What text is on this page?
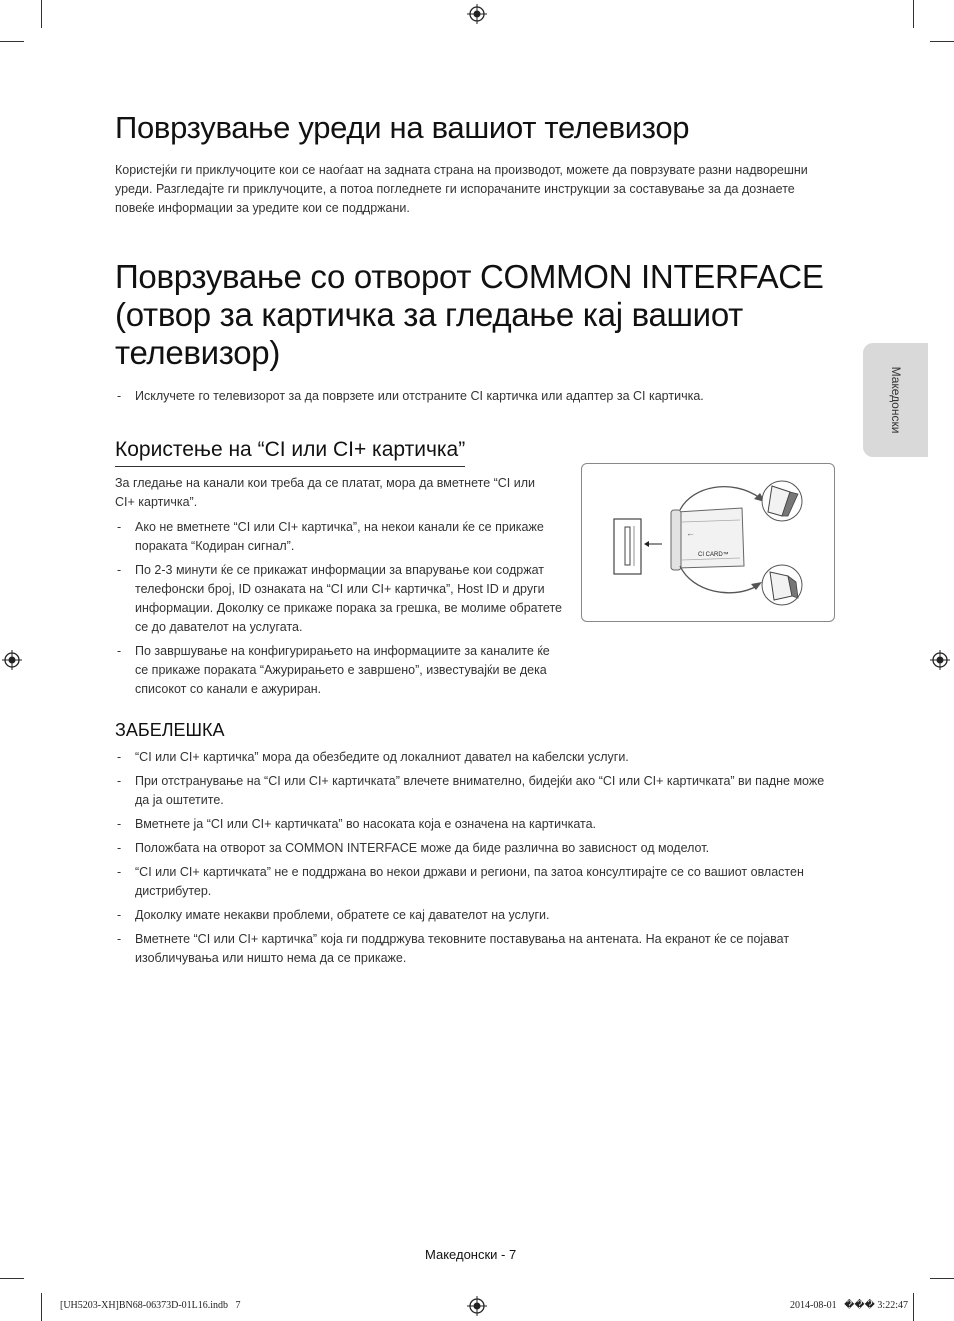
Поврзување уреди на вашиот телевизор

Користејќи ги приклучоците кои се наоѓаат на задната страна на производот, можете да поврзувате разни надворешни уреди. Разгледајте ги приклучоците, а потоа погледнете ги испорачаните инструкции за составување за да дознаете повеќе информации за уредите кои се поддржани.

Поврзување со отворот COMMON INTERFACE
(отвор за картичка за гледање кај вашиот
телевизор)
- Исклучете го телевизорот за да поврзете или отстраните CI картичка или адаптер за CI картичка.
Користење на “CI или CI+ картичка”

За гледање на канали кои треба да се платат, мора да вметнете “CI или CI+ картичка”.

- Ако не вметнете “CI или CI+ картичка”, на некои канали ќе се прикаже пораката “Кодиран сигнал”.
- По 2-3 минути ќе се прикажат информации за впарување кои содржат телефонски број, ID ознаката на “CI или CI+ картичка”, Host ID и други информации. Доколку се прикаже порака за грешка, ве молиме обратете се до давателот на услугата.
- По завршување на конфигурирањето на информациите за каналите ќе се прикаже пораката “Ажурирањето е завршено”, известувајќи ве дека списокот со канали е ажуриран.
←
CI CARD™
ЗАБЕЛЕШКА
- “CI или CI+ картичка” мора да обезбедите од локалниот давател на кабелски услуги.
- При отстранување на “CI или CI+ картичката” влечете внимателно, бидејќи ако “CI или CI+ картичката” ви падне може да ја оштетите.
- Вметнете ја “CI или CI+ картичката” во насоката која е означена на картичката.
- Положбата на отворот за COMMON INTERFACE може да биде различна во зависност од моделот.
- “CI или CI+ картичката” не е поддржана во некои држави и региони, па затоа консултирајте се со вашиот овластен дистрибутер.
- Доколку имате некакви проблеми, обратете се кај давателот на услуги.
- Вметнете “CI или CI+ картичка” која ги поддржува тековните поставувања на антената. На екранот ќе се појават изобличувања или ништо нема да се прикаже.
Македонски
Македонски - 7
[UH5203-XH]BN68-06373D-01L16.indb   7	2014-08-01   ��� 3:22:47
